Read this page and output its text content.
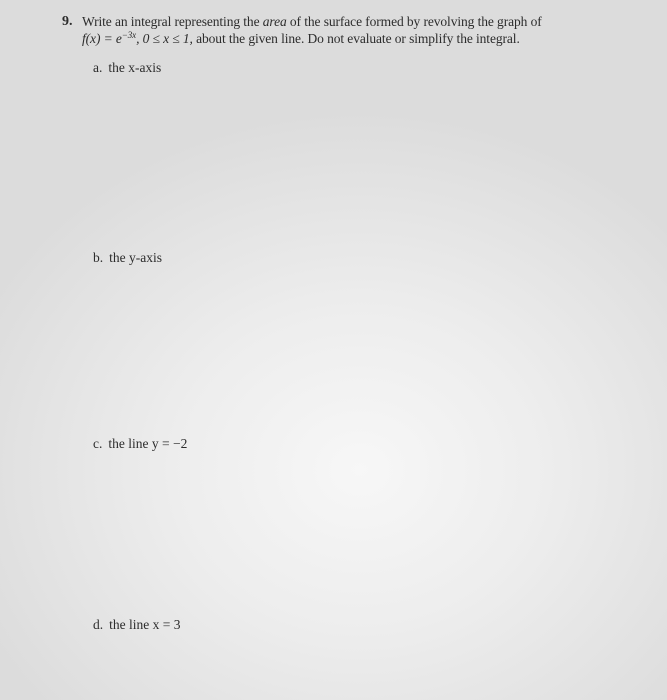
9. Write an integral representing the area of the surface formed by revolving the graph of
$f(x) = e^{-3x}$, 0 ≤ x ≤ 1, about the given line. Do not evaluate or simplify the integral.
a. the x-axis
b. the y-axis
c. the line y = −2
d. the line x = 3
